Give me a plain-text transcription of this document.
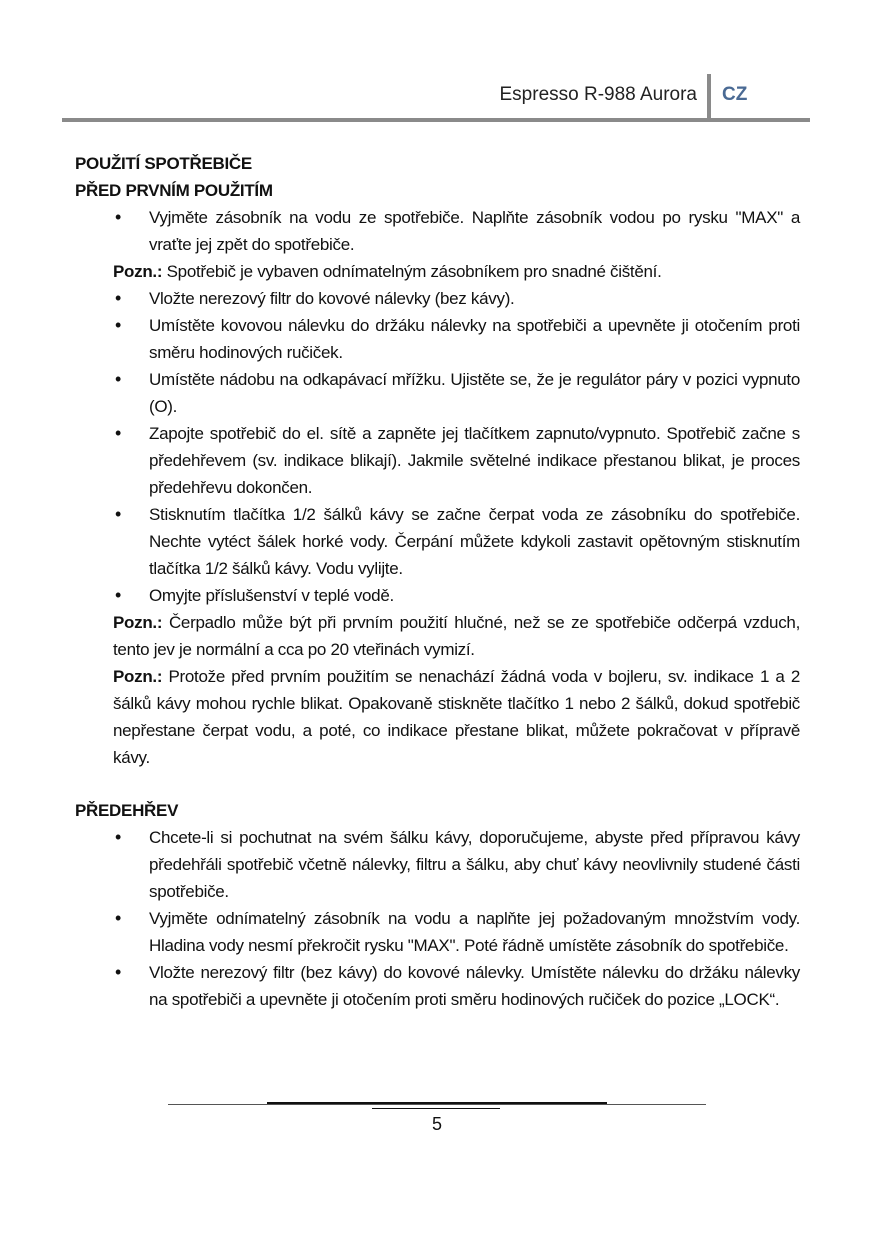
Espresso R-988 Aurora CZ

POUŽITÍ SPOTŘEBIČE

PŘED PRVNÍM POUŽITÍM

• Vyjměte zásobník na vodu ze spotřebiče. Naplňte zásobník vodou po rysku "MAX" a vraťte jej zpět do spotřebiče.

Pozn.: Spotřebič je vybaven odnímatelným zásobníkem pro snadné čištění.

• Vložte nerezový filtr do kovové nálevky (bez kávy).
• Umístěte kovovou nálevku do držáku nálevky na spotřebiči a upevněte ji otočením proti směru hodinových ručiček.
• Umístěte nádobu na odkapávací mřížku. Ujistěte se, že je regulátor páry v pozici vypnuto (O).
• Zapojte spotřebič do el. sítě a zapněte jej tlačítkem zapnuto/vypnuto. Spotřebič začne s předehřevem (sv. indikace blikají). Jakmile světelné indikace přestanou blikat, je proces předehřevu dokončen.
• Stisknutím tlačítka 1/2 šálků kávy se začne čerpat voda ze zásobníku do spotřebiče. Nechte vytéct šálek horké vody. Čerpání můžete kdykoli zastavit opětovným stisknutím tlačítka 1/2 šálků kávy. Vodu vylijte.
• Omyjte příslušenství v teplé vodě.

Pozn.: Čerpadlo může být při prvním použití hlučné, než se ze spotřebiče odčerpá vzduch, tento jev je normální a cca po 20 vteřinách vymizí.

Pozn.: Protože před prvním použitím se nenachází žádná voda v bojleru, sv. indikace 1 a 2 šálků kávy mohou rychle blikat. Opakovaně stiskněte tlačítko 1 nebo 2 šálků, dokud spotřebič nepřestane čerpat vodu, a poté, co indikace přestane blikat, můžete pokračovat v přípravě kávy.

PŘEDEHŘEV

• Chcete-li si pochutnat na svém šálku kávy, doporučujeme, abyste před přípravou kávy předehřáli spotřebič včetně nálevky, filtru a šálku, aby chuť kávy neovlivnily studené části spotřebiče.
• Vyjměte odnímatelný zásobník na vodu a naplňte jej požadovaným množstvím vody. Hladina vody nesmí překročit rysku "MAX". Poté řádně umístěte zásobník do spotřebiče.
• Vložte nerezový filtr (bez kávy) do kovové nálevky. Umístěte nálevku do držáku nálevky na spotřebiči a upevněte ji otočením proti směru hodinových ručiček do pozice „LOCK“.
5
